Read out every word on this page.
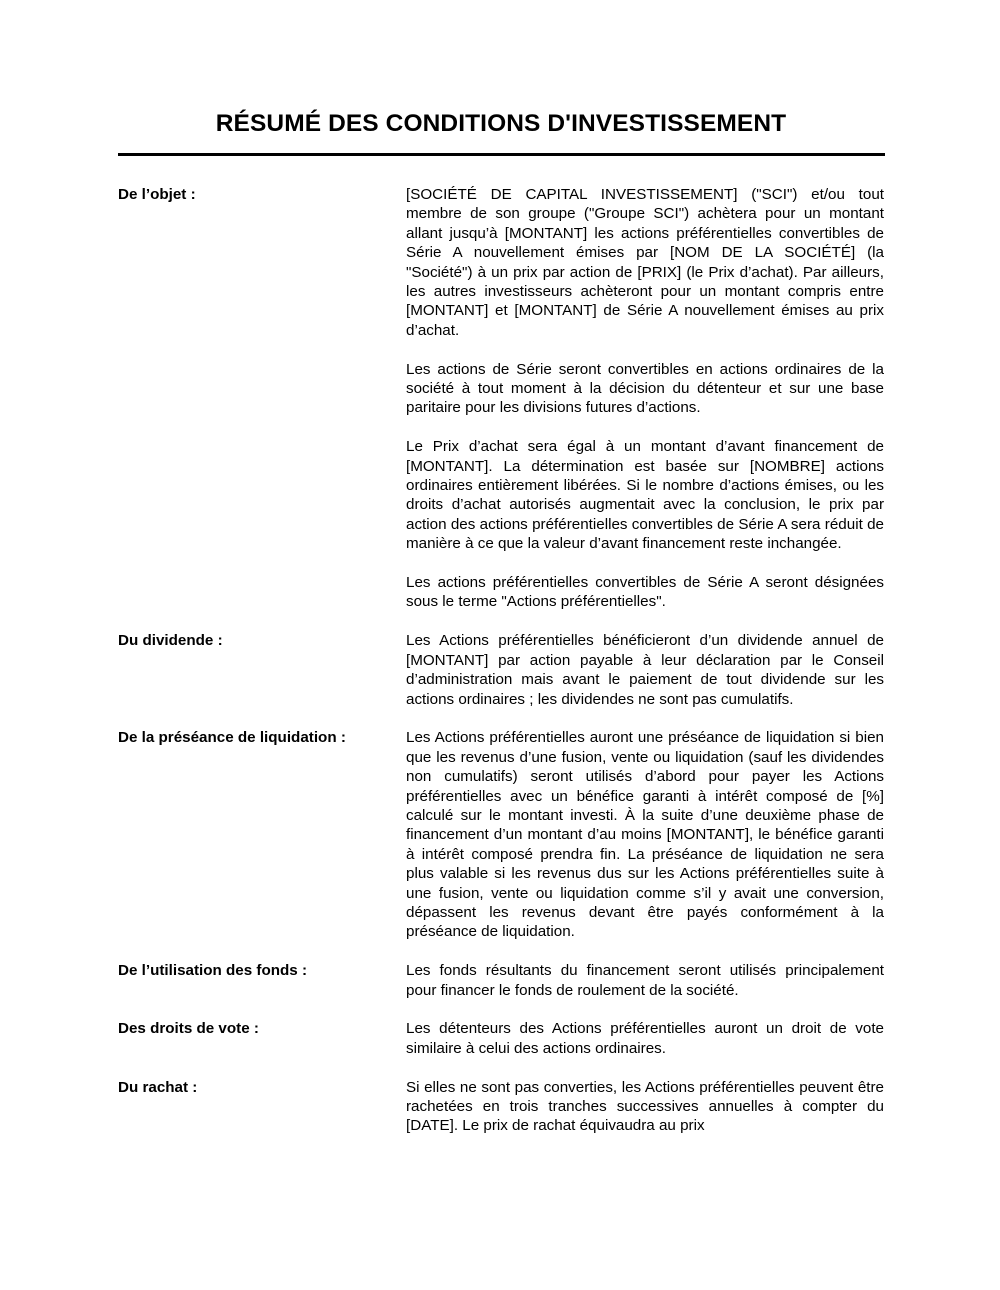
RÉSUMÉ DES CONDITIONS D'INVESTISSEMENT
De l’objet :	[SOCIÉTÉ DE CAPITAL INVESTISSEMENT] ("SCI") et/ou tout membre de son groupe ("Groupe SCI") achètera pour un montant allant jusqu’à [MONTANT] les actions préférentielles convertibles de Série A nouvellement émises par [NOM DE LA SOCIÉTÉ] (la "Société") à un prix par action de [PRIX] (le Prix d’achat). Par ailleurs, les autres investisseurs achèteront pour un montant compris entre [MONTANT] et [MONTANT] de Série A nouvellement émises au prix d’achat.

Les actions de Série seront convertibles en actions ordinaires de la société à tout moment à la décision du détenteur et sur une base paritaire pour les divisions futures d’actions.

Le Prix d’achat sera égal à un montant d’avant financement de [MONTANT]. La détermination est basée sur [NOMBRE] actions ordinaires entièrement libérées. Si le nombre d’actions émises, ou les droits d’achat autorisés augmentait avec la conclusion, le prix par action des actions préférentielles convertibles de Série A sera réduit de manière à ce que la valeur d’avant financement reste inchangée.

Les actions préférentielles convertibles de Série A seront désignées sous le terme "Actions préférentielles".

Du dividende :	Les Actions préférentielles bénéficieront d’un dividende annuel de [MONTANT] par action payable à leur déclaration par le Conseil d’administration mais avant le paiement de tout dividende sur les actions ordinaires ; les dividendes ne sont pas cumulatifs.

De la préséance de liquidation :	Les Actions préférentielles auront une préséance de liquidation si bien que les revenus d’une fusion, vente ou liquidation (sauf les dividendes non cumulatifs) seront utilisés d’abord pour payer les Actions préférentielles avec un bénéfice garanti à intérêt composé de [%] calculé sur le montant investi. À la suite d’une deuxième phase de financement d’un montant d’au moins [MONTANT], le bénéfice garanti à intérêt composé prendra fin. La préséance de liquidation ne sera plus valable si les revenus dus sur les Actions préférentielles suite à une fusion, vente ou liquidation comme s’il y avait une conversion, dépassent les revenus devant être payés conformément à la préséance de liquidation.

De l’utilisation des fonds :	Les fonds résultants du financement seront utilisés principalement pour financer le fonds de roulement de la société.

Des droits de vote :	Les détenteurs des Actions préférentielles auront un droit de vote similaire à celui des actions ordinaires.

Du rachat :	Si elles ne sont pas converties, les Actions préférentielles peuvent être rachetées en trois tranches successives annuelles à compter du [DATE]. Le prix de rachat équivaudra au prix
